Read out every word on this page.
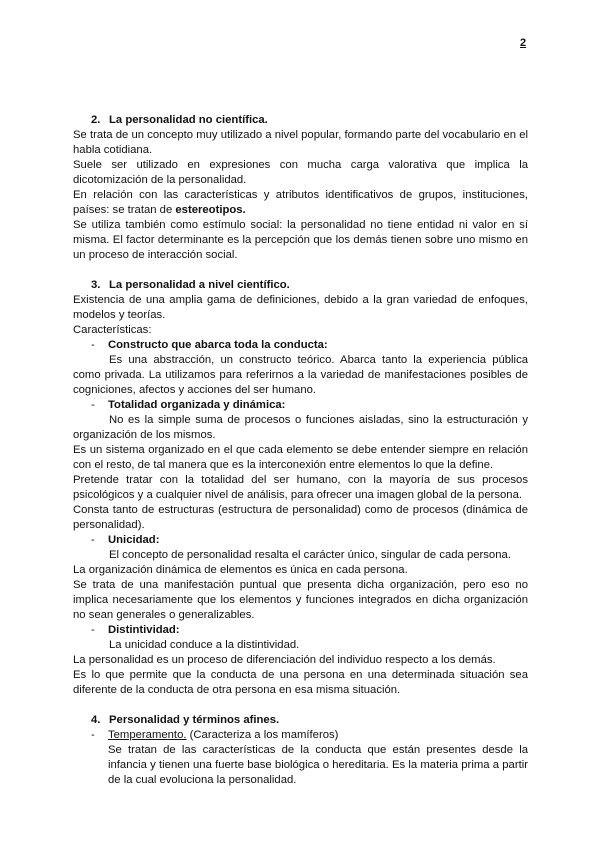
2

2. La personalidad no científica.

Se trata de un concepto muy utilizado a nivel popular, formando parte del vocabulario en el habla cotidiana.

Suele ser utilizado en expresiones con mucha carga valorativa que implica la dicotomización de la personalidad.

En relación con las características y atributos identificativos de grupos, instituciones, países: se tratan de estereotipos.

Se utiliza también como estímulo social: la personalidad no tiene entidad ni valor en sí misma. El factor determinante es la percepción que los demás tienen sobre uno mismo en un proceso de interacción social.

3. La personalidad a nivel científico.

Existencia de una amplia gama de definiciones, debido a la gran variedad de enfoques, modelos y teorías.

Características:

- Constructo que abarca toda la conducta:

Es una abstracción, un constructo teórico. Abarca tanto la experiencia pública como privada. La utilizamos para referirnos a la variedad de manifestaciones posibles de cogniciones, afectos y acciones del ser humano.

- Totalidad organizada y dinámica:

No es la simple suma de procesos o funciones aisladas, sino la estructuración y organización de los mismos.

Es un sistema organizado en el que cada elemento se debe entender siempre en relación con el resto, de tal manera que es la interconexión entre elementos lo que la define.

Pretende tratar con la totalidad del ser humano, con la mayoría de sus procesos psicológicos y a cualquier nivel de análisis, para ofrecer una imagen global de la persona.

Consta tanto de estructuras (estructura de personalidad) como de procesos (dinámica de personalidad).

- Unicidad:

El concepto de personalidad resalta el carácter único, singular de cada persona.

La organización dinámica de elementos es única en cada persona.

Se trata de una manifestación puntual que presenta dicha organización, pero eso no implica necesariamente que los elementos y funciones integrados en dicha organización no sean generales o generalizables.

- Distintividad:

La unicidad conduce a la distintividad.

La personalidad es un proceso de diferenciación del individuo respecto a los demás.

Es lo que permite que la conducta de una persona en una determinada situación sea diferente de la conducta de otra persona en esa misma situación.

4. Personalidad y términos afines.

- Temperamento. (Caracteriza a los mamíferos)

Se tratan de las características de la conducta que están presentes desde la infancia y tienen una fuerte base biológica o hereditaria. Es la materia prima a partir de la cual evoluciona la personalidad.
